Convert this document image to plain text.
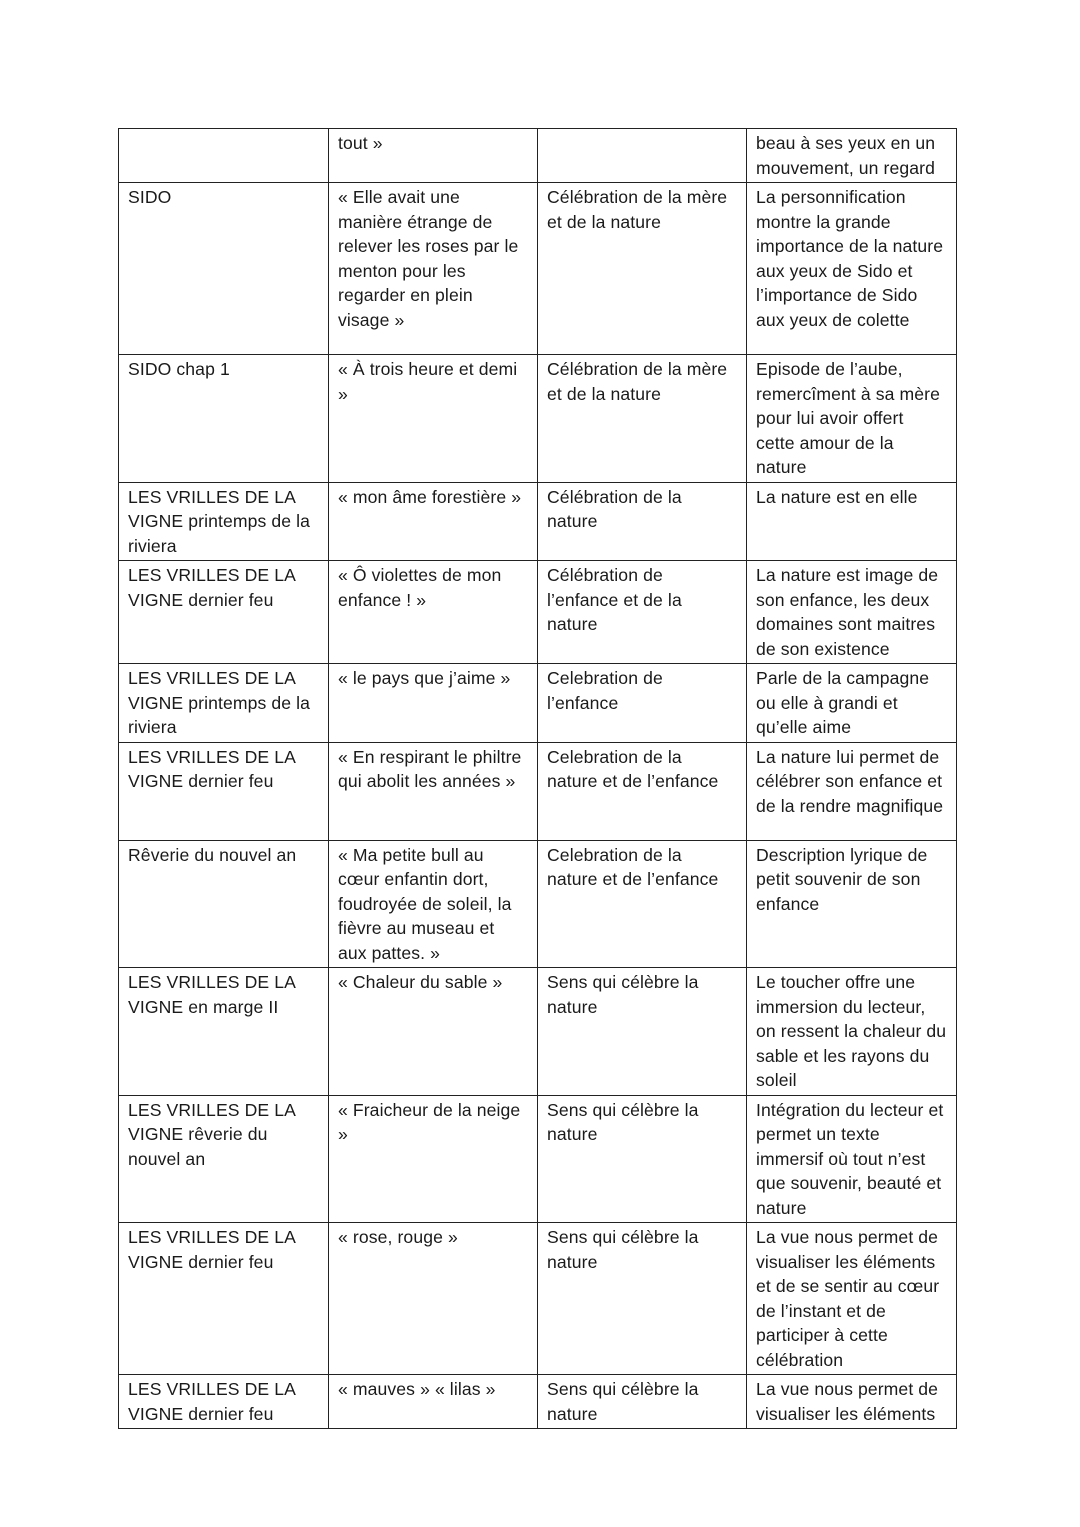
	tout »		beau à ses yeux en un mouvement, un regard
SIDO	« Elle avait une manière étrange de relever les roses par le menton pour les regarder en plein visage »	Célébration de la mère et de la nature	La personnification montre la grande importance de la nature aux yeux de Sido et l’importance de Sido aux yeux de colette
SIDO chap 1	« À trois heure et demi »	Célébration de la mère et de la nature	Episode de l’aube, remercîment à sa mère pour lui avoir offert cette amour de la nature
LES VRILLES DE LA VIGNE printemps de la riviera	« mon âme forestière »	Célébration de la nature	La nature est en elle
LES VRILLES DE LA VIGNE dernier feu	« Ô violettes de mon enfance ! »	Célébration de l’enfance et de la nature	La nature est image de son enfance, les deux domaines sont maitres de son existence
LES VRILLES DE LA VIGNE printemps de la riviera	« le pays que j’aime »	Celebration de l’enfance	Parle de la campagne ou elle à grandi et qu’elle aime
LES VRILLES DE LA VIGNE dernier feu	« En respirant le philtre qui abolit les années »	Celebration de la nature et de l’enfance	La nature lui permet de célébrer son enfance et de la rendre magnifique
Rêverie du nouvel an	« Ma petite bull au cœur enfantin dort, foudroyée de soleil, la fièvre au museau et aux pattes. »	Celebration de la nature et de l’enfance	Description lyrique de petit souvenir de son enfance
LES VRILLES DE LA VIGNE en marge II	« Chaleur du sable »	Sens qui célèbre la nature	Le toucher offre une immersion du lecteur, on ressent la chaleur du sable et les rayons du soleil
LES VRILLES DE LA VIGNE rêverie du nouvel an	« Fraicheur de la neige »	Sens qui célèbre la nature	Intégration du lecteur et permet un texte immersif où tout n’est que souvenir, beauté et nature
LES VRILLES DE LA VIGNE dernier feu	« rose, rouge »	Sens qui célèbre la nature	La vue nous permet de visualiser les éléments et de se sentir au cœur de l’instant et de participer à cette célébration
LES VRILLES DE LA VIGNE dernier feu	« mauves » « lilas »	Sens qui célèbre la nature	La vue nous permet de visualiser les éléments
